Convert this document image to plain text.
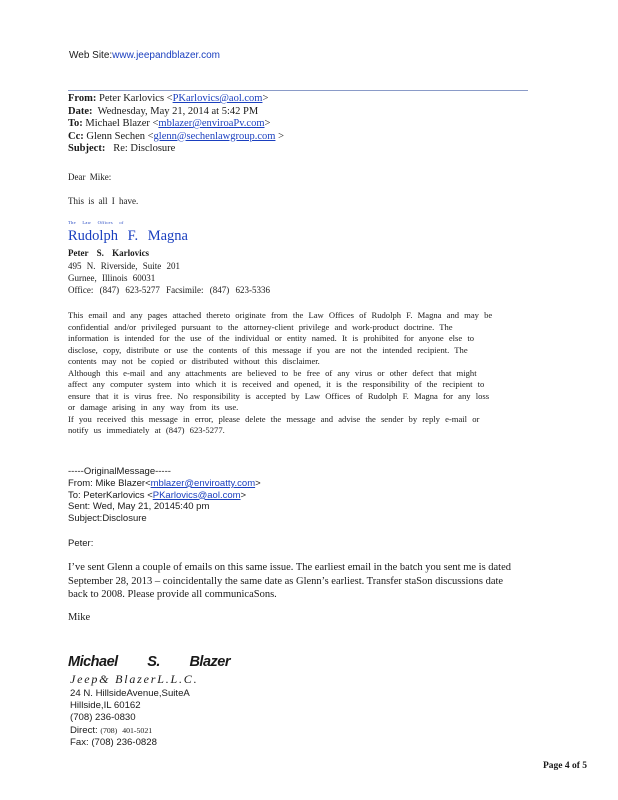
Web Site:www.jeepandblazer.com
From: Peter Karlovics <PKarlovics@aol.com>
Date: Wednesday, May 21, 2014 at 5:42 PM
To: Michael Blazer <mblazer@enviroaPv.com>
Cc: Glenn Sechen <glenn@sechenlawgroup.com >
Subject: Re: Disclosure
Dear Mike:
This is all I have.
The Law Offices of
Rudolph F. Magna
Peter S. Karlovics
495 N. Riverside, Suite 201
Gurnee, Illinois 60031
Office: (847) 623-5277 Facsimile: (847) 623-5336

This email and any pages attached thereto originate from the Law Offices of Rudolph F. Magna and may be

confidential and/or privileged pursuant to the attorney-client privilege and work-product doctrine. The

information is intended for the use of the individual or entity named. It is prohibited for anyone else to

disclose, copy, distribute or use the contents of this message if you are not the intended recipient. The

contents may not be copied or distributed without this disclaimer.

Although this e-mail and any attachments are believed to be free of any virus or other defect that might

affect any computer system into which it is received and opened, it is the responsibility of the recipient to

ensure that it is virus free. No responsibility is accepted by Law Offices of Rudolph F. Magna for any loss

or damage arising in any way from its use.

If you received this message in error, please delete the message and advise the sender by reply e-mail or

notify us immediately at (847) 623-5277.

-----OriginalMessage-----
From: Mike Blazer<mblazer@enviroatty.com>
To: PeterKarlovics <PKarlovics@aol.com>
Sent: Wed, May 21, 20145:40 pm
Subject:Disclosure
Peter:
I’ve sent Glenn a couple of emails on this same issue. The earliest email in the batch you sent me is dated
September 28, 2013 – coincidentally the same date as Glenn’s earliest. Transfer staSon discussions date
back to 2008. Please provide all communicaSons.
Mike
Michael S. Blazer
Jeep& BlazerL.L.C.
24 N. HillsideAvenue,SuiteA
Hillside,IL 60162
(708) 236-0830
Direct: (708) 401-5021
Fax: (708) 236-0828
Page 4 of 5
